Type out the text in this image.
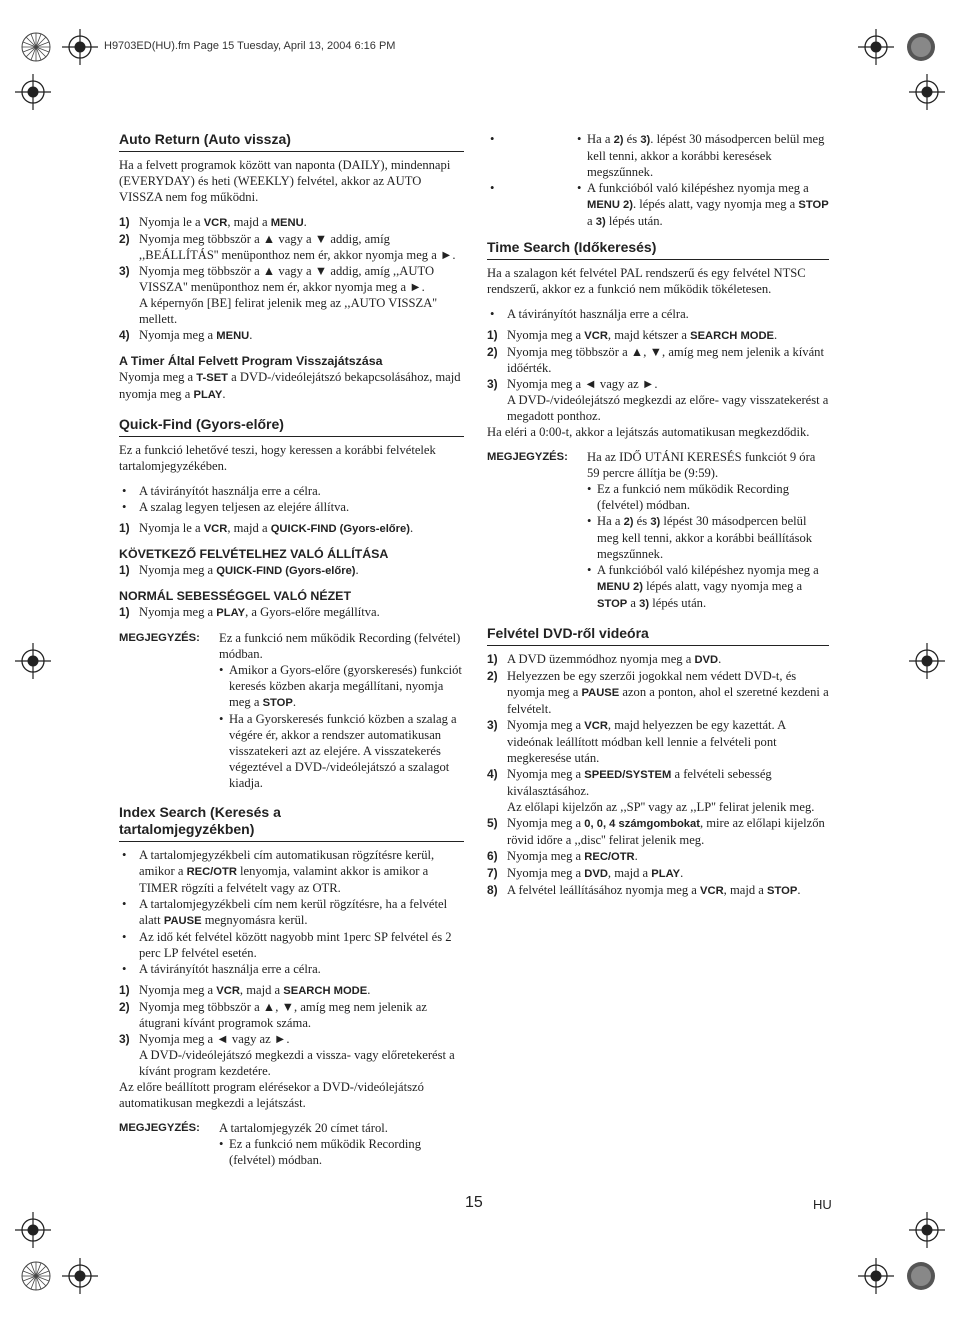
H9703ED(HU).fm Page 15 Tuesday, April 13, 2004 6:16 PM
Auto Return (Auto vissza)

Ha a felvett programok között van naponta (DAILY), mindennapi (EVERYDAY) és heti (WEEKLY) felvétel, akkor az AUTO VISSZA nem fog működni.

1) Nyomja le a VCR, majd a MENU.

2) Nyomja meg többször a ▲ vagy a ▼ addig, amíg ,,BEÁLLÍTÁS'' menüponthoz nem ér, akkor nyomja meg a ►.

3) Nyomja meg többször a ▲ vagy a ▼ addig, amíg ,,AUTO VISSZA'' menüponthoz nem ér, akkor nyomja meg a ►.
A képernyőn [BE] felirat jelenik meg az ,,AUTO VISSZA'' mellett.

4) Nyomja meg a MENU.

A Timer Által Felvett Program Visszajátszása

Nyomja meg a T-SET a DVD-/videólejátszó bekapcsolásához, majd nyomja meg a PLAY.

Quick-Find (Gyors-előre)

Ez a funkció lehetővé teszi, hogy keressen a korábbi felvételek tartalomjegyzékében.

• A távirányítót használja erre a célra.

• A szalag legyen teljesen az elejére állítva.

1) Nyomja le a VCR, majd a QUICK-FIND (Gyors-előre).

KÖVETKEZŐ FELVÉTELHEZ VALÓ ÁLLÍTÁSA

1) Nyomja meg a QUICK-FIND (Gyors-előre).

NORMÁL SEBESSÉGGEL VALÓ NÉZET

1) Nyomja meg a PLAY, a Gyors-előre megállítva.

MEGJEGYZÉS: Ez a funkció nem működik Recording (felvétel) módban.

• Amikor a Gyors-előre (gyorskeresés) funkciót keresés közben akarja megállítani, nyomja meg a STOP.

• Ha a Gyorskeresés funkció közben a szalag a végére ér, akkor a rendszer automatikusan visszatekeri azt az elejére. A visszatekerés végeztével a DVD-/videólejátszó a szalagot kiadja.

Index Search (Keresés a
tartalomjegyzékben)

• A tartalomjegyzékbeli cím automatikusan rögzítésre kerül, amikor a REC/OTR lenyomja, valamint akkor is amikor a TIMER rögzíti a felvételt vagy az OTR.

• A tartalomjegyzékbeli cím nem kerül rögzítésre, ha a felvétel alatt PAUSE megnyomásra kerül.

• Az idő két felvétel között nagyobb mint 1perc SP felvétel és 2 perc LP felvétel esetén.

• A távirányítót használja erre a célra.

1) Nyomja meg a VCR, majd a SEARCH MODE.

2) Nyomja meg többször a ▲, ▼, amíg meg nem jelenik az átugrani kívánt programok száma.

3) Nyomja meg a ◄ vagy az ►.
A DVD-/videólejátszó megkezdi a vissza- vagy előretekerést a kívánt program kezdetére.

Az előre beállított program elérésekor a DVD-/videólejátszó automatikusan megkezdi a lejátszást.

MEGJEGYZÉS: A tartalomjegyzék 20 címet tárol.

• Ez a funkció nem működik Recording (felvétel) módban.

• • Ha a 2) és 3). lépést 30 másodpercen belül meg kell tenni, akkor a korábbi keresések megszűnnek.

• • A funkcióból való kilépéshez nyomja meg a MENU 2). lépés alatt, vagy nyomja meg a STOP a 3) lépés után.

Time Search (Időkeresés)

Ha a szalagon két felvétel PAL rendszerű és egy felvétel NTSC rendszerű, akkor ez a funkció nem működik tökéletesen.

• A távirányítót használja erre a célra.

1) Nyomja meg a VCR, majd kétszer a SEARCH MODE.

2) Nyomja meg többször a ▲, ▼, amíg meg nem jelenik a kívánt időérték.

3) Nyomja meg a ◄ vagy az ►.
A DVD-/videólejátszó megkezdi az előre- vagy visszatekerést a megadott ponthoz.

Ha eléri a 0:00-t, akkor a lejátszás automatikusan megkezdődik.

MEGJEGYZÉS: Ha az IDŐ UTÁNI KERESÉS funkciót 9 óra 59 percre állítja be (9:59).

• Ez a funkció nem működik Recording (felvétel) módban.

• Ha a 2) és 3) lépést 30 másodpercen belül meg kell tenni, akkor a korábbi beállítások megszűnnek.

• A funkcióból való kilépéshez nyomja meg a MENU 2) lépés alatt, vagy nyomja meg a STOP a 3) lépés után.

Felvétel DVD-ről videóra

1) A DVD üzemmódhoz nyomja meg a DVD.

2) Helyezzen be egy szerzői jogokkal nem védett DVD-t, és nyomja meg a PAUSE azon a ponton, ahol el szeretné kezdeni a felvételt.

3) Nyomja meg a VCR, majd helyezzen be egy kazettát. A videónak leállított módban kell lennie a felvételi pont megkeresése után.

4) Nyomja meg a SPEED/SYSTEM a felvételi sebesség kiválasztásához.
Az előlapi kijelzőn az ,,SP'' vagy az ,,LP'' felirat jelenik meg.

5) Nyomja meg a 0, 0, 4 számgombokat, mire az előlapi kijelzőn rövid időre a ,,disc'' felirat jelenik meg.

6) Nyomja meg a REC/OTR.

7) Nyomja meg a DVD, majd a PLAY.

8) A felvétel leállításához nyomja meg a VCR, majd a STOP.

15	HU
